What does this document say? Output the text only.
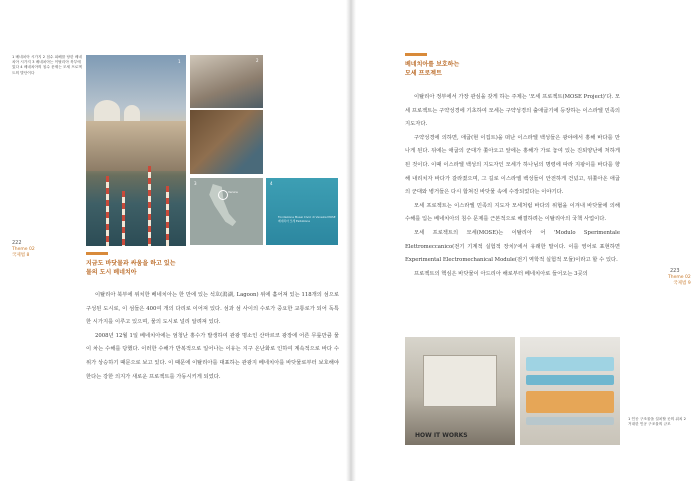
1 베네치아 시가지 2 침수 피해를 당한 베네치아 시가지 3 베네치아는 이탈리아 북부에 있다 4 베네치아의 침수 문제는 모세 프로젝트의 발단이다
1	2
Venice
3	4
Fondazione Musei Civici di Venezia MOSE 베네치아 모세 Esibizione
222
Theme 02
국제법 8
지금도 바닷물과 싸움을 하고 있는
물의 도시 베네치아

이탈리아 북부에 위치한 베네치아는 한 만에 있는 석호(潟湖, Lagoon) 위에 흩어져 있는 118개의 섬으로 구성된 도시로, 이 섬들은 400여 개의 다리로 이어져 있다. 섬과 섬 사이의 수로가 중요한 교통로가 되어 독특한 시가지를 이루고 있으며, 물의 도시로 널리 알려져 있다.

2008년 12월 1일 베네치아에는 엄청난 홍수가 발생하여 관광 명소인 산마르코 광장에 어른 무릎만큼 물이 차는 수해를 당했다. 이러한 수해가 반복적으로 일어나는 이유는 지구 온난화로 인하여 계속적으로 바다 수위가 상승하기 때문으로 보고 있다. 이 때문에 이탈리아를 대표하는 관광지 베네치아를 바닷물로부터 보호해야 한다는 강한 의지가 새로운 프로젝트를 가동시키게 되었다.

베네치아를 보호하는
모세 프로젝트

이탈리아 정부에서 가장 관심을 갖게 하는 주제는 '모세 프로젝트(MOSE Project)'다. 모세 프로젝트는 구약성경에 기초하여 모세는 구약성경의 출애굽기에 등장하는 이스라엘 민족의 지도자다.

구약성경에 의하면, 애굽(현 이집트)을 떠난 이스라엘 백성들은 광야에서 홍해 바다를 만나게 된다. 뒤에는 애굽의 군대가 쫓아오고 앞에는 홍해가 가로 놓여 있는 진퇴양난에 처하게 된 것이다. 이때 이스라엘 백성의 지도자인 모세가 하나님의 명령에 따라 지팡이를 바다를 향해 내리치자 바다가 갈라졌으며, 그 길로 이스라엘 백성들이 안전하게 건넜고, 뒤쫓아온 애굽의 군대와 병거들은 다시 합쳐진 바닷물 속에 수장되었다는 이야기다.

모세 프로젝트는 이스라엘 민족의 지도자 모세처럼 바다의 위협을 이겨내 바닷물에 의해 수해를 입는 베네치아의 침수 문제를 근본적으로 해결하려는 이탈리아의 국책 사업이다.

모세 프로젝트의 모세(MOSE)는 이탈리아 어 'Modulo Sperimentale Elettromeccanico(전기 기계적 실험적 장치)'에서 유래한 말이다. 이를 영어로 표현하면 Experimental Electromechanical Module(전기 역학적 실험적 모듈)이라고 할 수 있다.

프로젝트의 핵심은 바닷물이 아드리아 해로부터 베네치아로 들어오는 3곳의	223
Theme 02
국제법 9
HOW IT WORKS
1 인공 구조물을 설치할 곳의 위치 2 거대한 인공 구조물의 규모
